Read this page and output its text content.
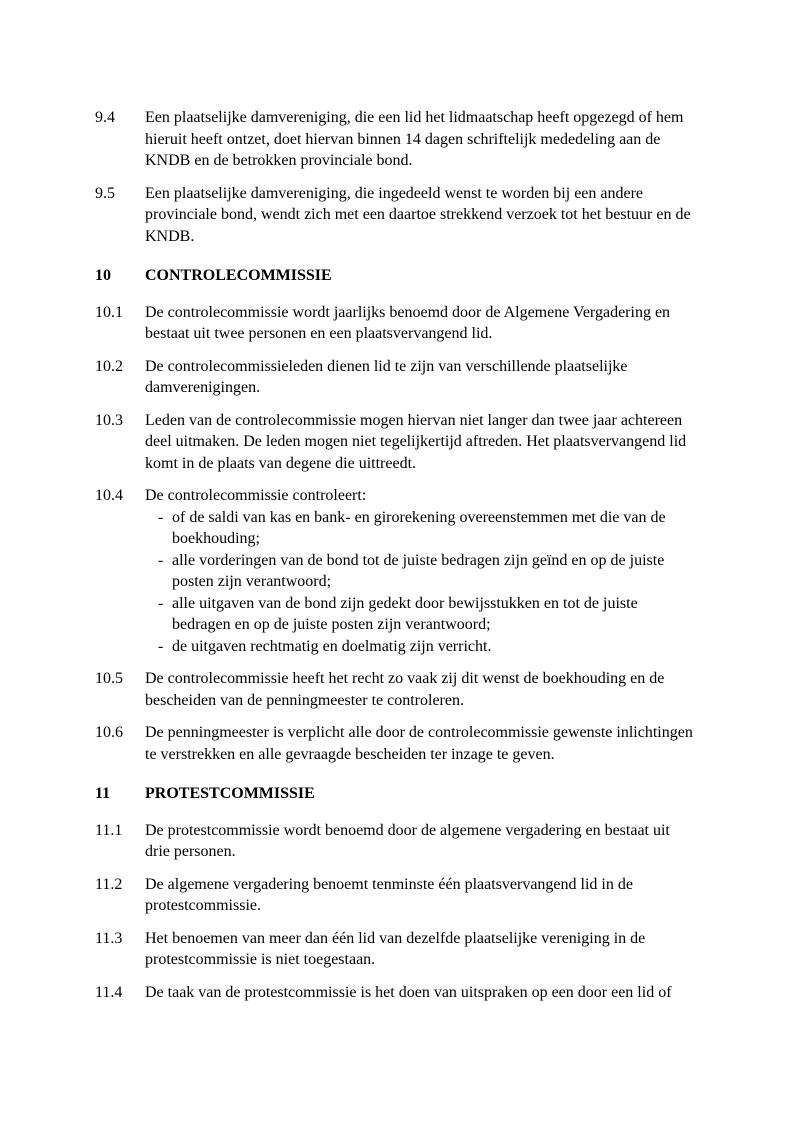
9.4	Een plaatselijke damvereniging, die een lid het lidmaatschap heeft opgezegd of hem hieruit heeft ontzet, doet hiervan binnen 14 dagen schriftelijk mededeling aan de KNDB en de betrokken provinciale bond.
9.5	Een plaatselijke damvereniging, die ingedeeld wenst te worden bij een andere provinciale bond, wendt zich met een daartoe strekkend verzoek tot het bestuur en de KNDB.
10	CONTROLECOMMISSIE
10.1	De controlecommissie wordt jaarlijks benoemd door de Algemene Vergadering en bestaat uit twee personen en een plaatsvervangend lid.
10.2	De controlecommissieleden dienen lid te zijn van verschillende plaatselijke damverenigingen.
10.3	Leden van de controlecommissie mogen hiervan niet langer dan twee jaar achtereen deel uitmaken. De leden mogen niet tegelijkertijd aftreden. Het plaatsvervangend lid komt in de plaats van degene die uittreedt.
10.4	De controlecommissie controleert:
- of de saldi van kas en bank- en girorekening overeenstemmen met die van de boekhouding;
- alle vorderingen van de bond tot de juiste bedragen zijn geïnd en op de juiste posten zijn verantwoord;
- alle uitgaven van de bond zijn gedekt door bewijsstukken en tot de juiste bedragen en op de juiste posten zijn verantwoord;
- de uitgaven rechtmatig en doelmatig zijn verricht.
10.5	De controlecommissie heeft het recht zo vaak zij dit wenst de boekhouding en de bescheiden van de penningmeester te controleren.
10.6	De penningmeester is verplicht alle door de controlecommissie gewenste inlichtingen te verstrekken en alle gevraagde bescheiden ter inzage te geven.
11	PROTESTCOMMISSIE
11.1	De protestcommissie wordt benoemd door de algemene vergadering en bestaat uit drie personen.
11.2	De algemene vergadering benoemt tenminste één plaatsvervangend lid in de protestcommissie.
11.3	Het benoemen van meer dan één lid van dezelfde plaatselijke vereniging in de protestcommissie is niet toegestaan.
11.4	De taak van de protestcommissie is het doen van uitspraken op een door een lid of
